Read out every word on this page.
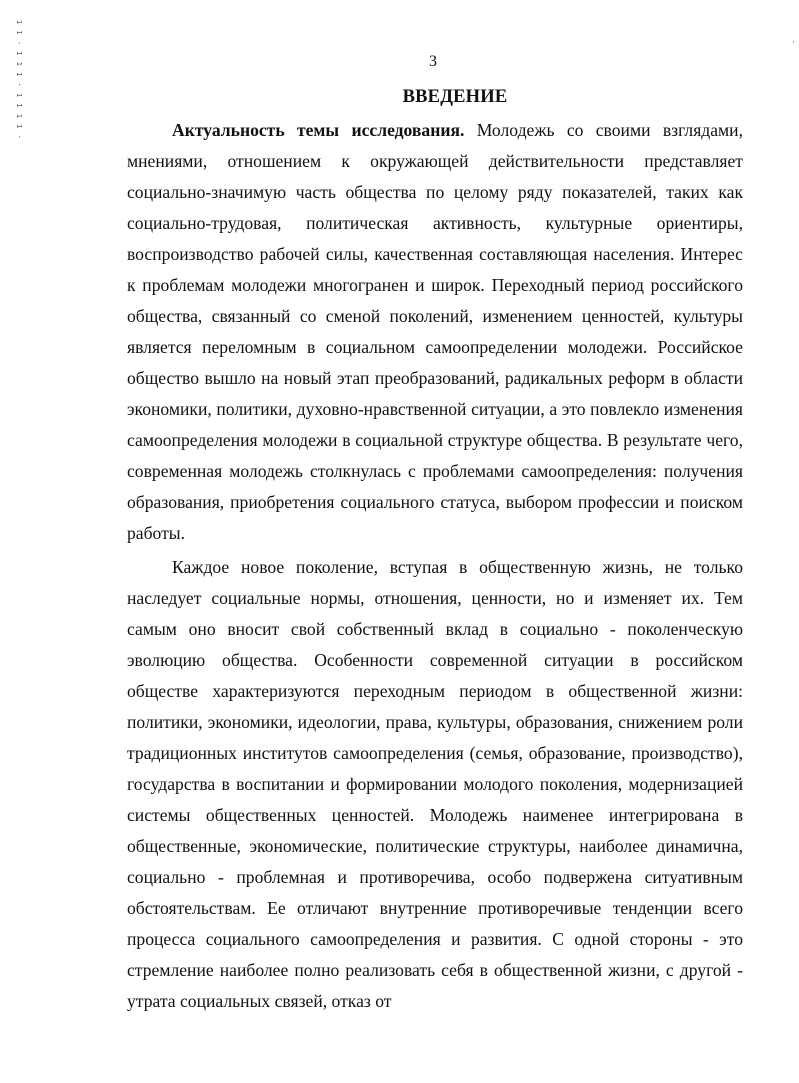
1 1 · 1 1 1 · 1 1 1 1 ·	·
3
ВВЕДЕНИЕ

Актуальность темы исследования. Молодежь со своими взглядами, мнениями, отношением к окружающей действительности представляет социально-значимую часть общества по целому ряду показателей, таких как социально-трудовая, политическая активность, культурные ориентиры, воспроизводство рабочей силы, качественная составляющая населения. Интерес к проблемам молодежи многогранен и широк. Переходный период российского общества, связанный со сменой поколений, изменением ценностей, культуры является переломным в социальном самоопределении молодежи. Российское общество вышло на новый этап преобразований, радикальных реформ в области экономики, политики, духовно-нравственной ситуации, а это повлекло изменения самоопределения молодежи в социальной структуре общества. В результате чего, современная молодежь столкнулась с проблемами самоопределения: получения образования, приобретения социального статуса, выбором профессии и поиском работы.

Каждое новое поколение, вступая в общественную жизнь, не только наследует социальные нормы, отношения, ценности, но и изменяет их. Тем самым оно вносит свой собственный вклад в социально - поколенческую эволюцию общества. Особенности современной ситуации в российском обществе характеризуются переходным периодом в общественной жизни: политики, экономики, идеологии, права, культуры, образования, снижением роли традиционных институтов самоопределения (семья, образование, производство), государства в воспитании и формировании молодого поколения, модернизацией системы общественных ценностей. Молодежь наименее интегрирована в общественные, экономические, политические структуры, наиболее динамична, социально - проблемная и противоречива, особо подвержена ситуативным обстоятельствам. Ее отличают внутренние противоречивые тенденции всего процесса социального самоопределения и развития. С одной стороны - это стремление наиболее полно реализовать себя в общественной жизни, с другой - утрата социальных связей, отказ от
